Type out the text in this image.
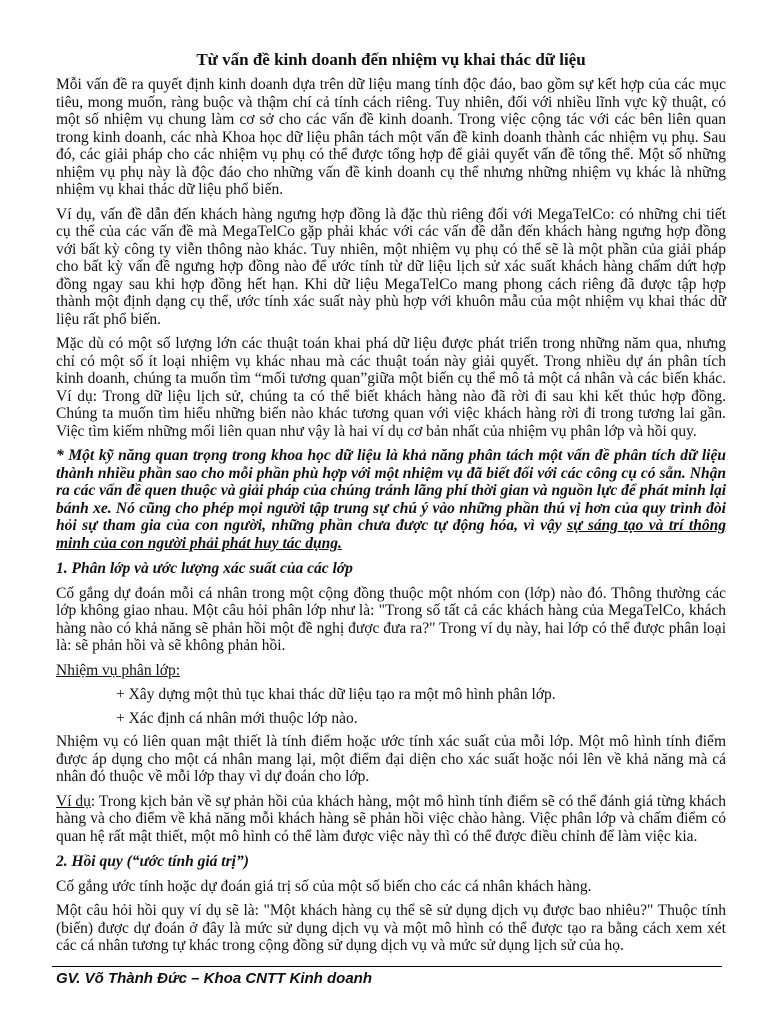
Từ vấn đề kinh doanh đến nhiệm vụ khai thác dữ liệu

Mỗi vấn đề ra quyết định kinh doanh dựa trên dữ liệu mang tính độc đáo, bao gồm sự kết hợp của các mục tiêu, mong muốn, ràng buộc và thậm chí cả tính cách riêng. Tuy nhiên, đối với nhiều lĩnh vực kỹ thuật, có một số nhiệm vụ chung làm cơ sở cho các vấn đề kinh doanh. Trong việc cộng tác với các bên liên quan trong kinh doanh, các nhà Khoa học dữ liệu phân tách một vấn đề kinh doanh thành các nhiệm vụ phụ. Sau đó, các giải pháp cho các nhiệm vụ phụ có thể được tổng hợp để giải quyết vấn đề tổng thể. Một số những nhiệm vụ phụ này là độc đáo cho những vấn đề kinh doanh cụ thể nhưng những nhiệm vụ khác là những nhiệm vụ khai thác dữ liệu phổ biến.

Ví dụ, vấn đề dẫn đến khách hàng ngưng hợp đồng là đặc thù riêng đối với MegaTelCo: có những chi tiết cụ thể của các vấn đề mà MegaTelCo gặp phải khác với các vấn đề dẫn đến khách hàng ngưng hợp đồng với bất kỳ công ty viễn thông nào khác. Tuy nhiên, một nhiệm vụ phụ có thể sẽ là một phần của giải pháp cho bất kỳ vấn đề ngưng hợp đồng nào để ước tính từ dữ liệu lịch sử xác suất khách hàng chấm dứt hợp đồng ngay sau khi hợp đồng hết hạn. Khi dữ liệu MegaTelCo mang phong cách riêng đã được tập hợp thành một định dạng cụ thể, ước tính xác suất này phù hợp với khuôn mẫu của một nhiệm vụ khai thác dữ liệu rất phổ biến.

Mặc dù có một số lượng lớn các thuật toán khai phá dữ liệu được phát triển trong những năm qua, nhưng chỉ có một số ít loại nhiệm vụ khác nhau mà các thuật toán này giải quyết. Trong nhiều dự án phân tích kinh doanh, chúng ta muốn tìm “mối tương quan”giữa một biến cụ thể mô tả một cá nhân và các biến khác. Ví dụ: Trong dữ liệu lịch sử, chúng ta có thể biết khách hàng nào đã rời đi sau khi kết thúc hợp đồng. Chúng ta muốn tìm hiểu những biến nào khác tương quan với việc khách hàng rời đi trong tương lai gần. Việc tìm kiếm những mối liên quan như vậy là hai ví dụ cơ bản nhất của nhiệm vụ phân lớp và hồi quy.

* Một kỹ năng quan trọng trong khoa học dữ liệu là khả năng phân tách một vấn đề phân tích dữ liệu thành nhiều phần sao cho mỗi phần phù hợp với một nhiệm vụ đã biết đối với các công cụ có sẵn. Nhận ra các vấn đề quen thuộc và giải pháp của chúng tránh lãng phí thời gian và nguồn lực để phát minh lại bánh xe. Nó cũng cho phép mọi người tập trung sự chú ý vào những phần thú vị hơn của quy trình đòi hỏi sự tham gia của con người, những phần chưa được tự động hóa, vì vậy sự sáng tạo và trí thông minh của con người phải phát huy tác dụng.

1. Phân lớp và ước lượng xác suất của các lớp

Cố gắng dự đoán mỗi cá nhân trong một cộng đồng thuộc một nhóm con (lớp) nào đó. Thông thường các lớp không giao nhau. Một câu hỏi phân lớp như là: "Trong số tất cả các khách hàng của MegaTelCo, khách hàng nào có khả năng sẽ phản hồi một đề nghị được đưa ra?" Trong ví dụ này, hai lớp có thể được phân loại là: sẽ phản hồi và sẽ không phản hồi.

Nhiệm vụ phân lớp:

+ Xây dựng một thủ tục khai thác dữ liệu tạo ra một mô hình phân lớp.
+ Xác định cá nhân mới thuộc lớp nào.

Nhiệm vụ có liên quan mật thiết là tính điểm hoặc ước tính xác suất của mỗi lớp. Một mô hình tính điểm được áp dụng cho một cá nhân mang lại, một điểm đại diện cho xác suất hoặc nói lên về khả năng mà cá nhân đó thuộc về mỗi lớp thay vì dự đoán cho lớp.

Ví dụ: Trong kịch bản về sự phản hồi của khách hàng, một mô hình tính điểm sẽ có thể đánh giá từng khách hàng và cho điểm về khả năng mỗi khách hàng sẽ phản hồi việc chào hàng. Việc phân lớp và chấm điểm có quan hệ rất mật thiết, một mô hình có thể làm được việc này thì có thể được điều chỉnh để làm việc kia.

2. Hồi quy (“ước tính giá trị”)

Cố gắng ước tính hoặc dự đoán giá trị số của một số biến cho các cá nhân khách hàng.

Một câu hỏi hồi quy ví dụ sẽ là: "Một khách hàng cụ thể sẽ sử dụng dịch vụ được bao nhiêu?" Thuộc tính (biến) được dự đoán ở đây là mức sử dụng dịch vụ và một mô hình có thể được tạo ra bằng cách xem xét các cá nhân tương tự khác trong cộng đồng sử dụng dịch vụ và mức sử dụng lịch sử của họ.

GV. Võ Thành Đức – Khoa CNTT Kinh doanh
